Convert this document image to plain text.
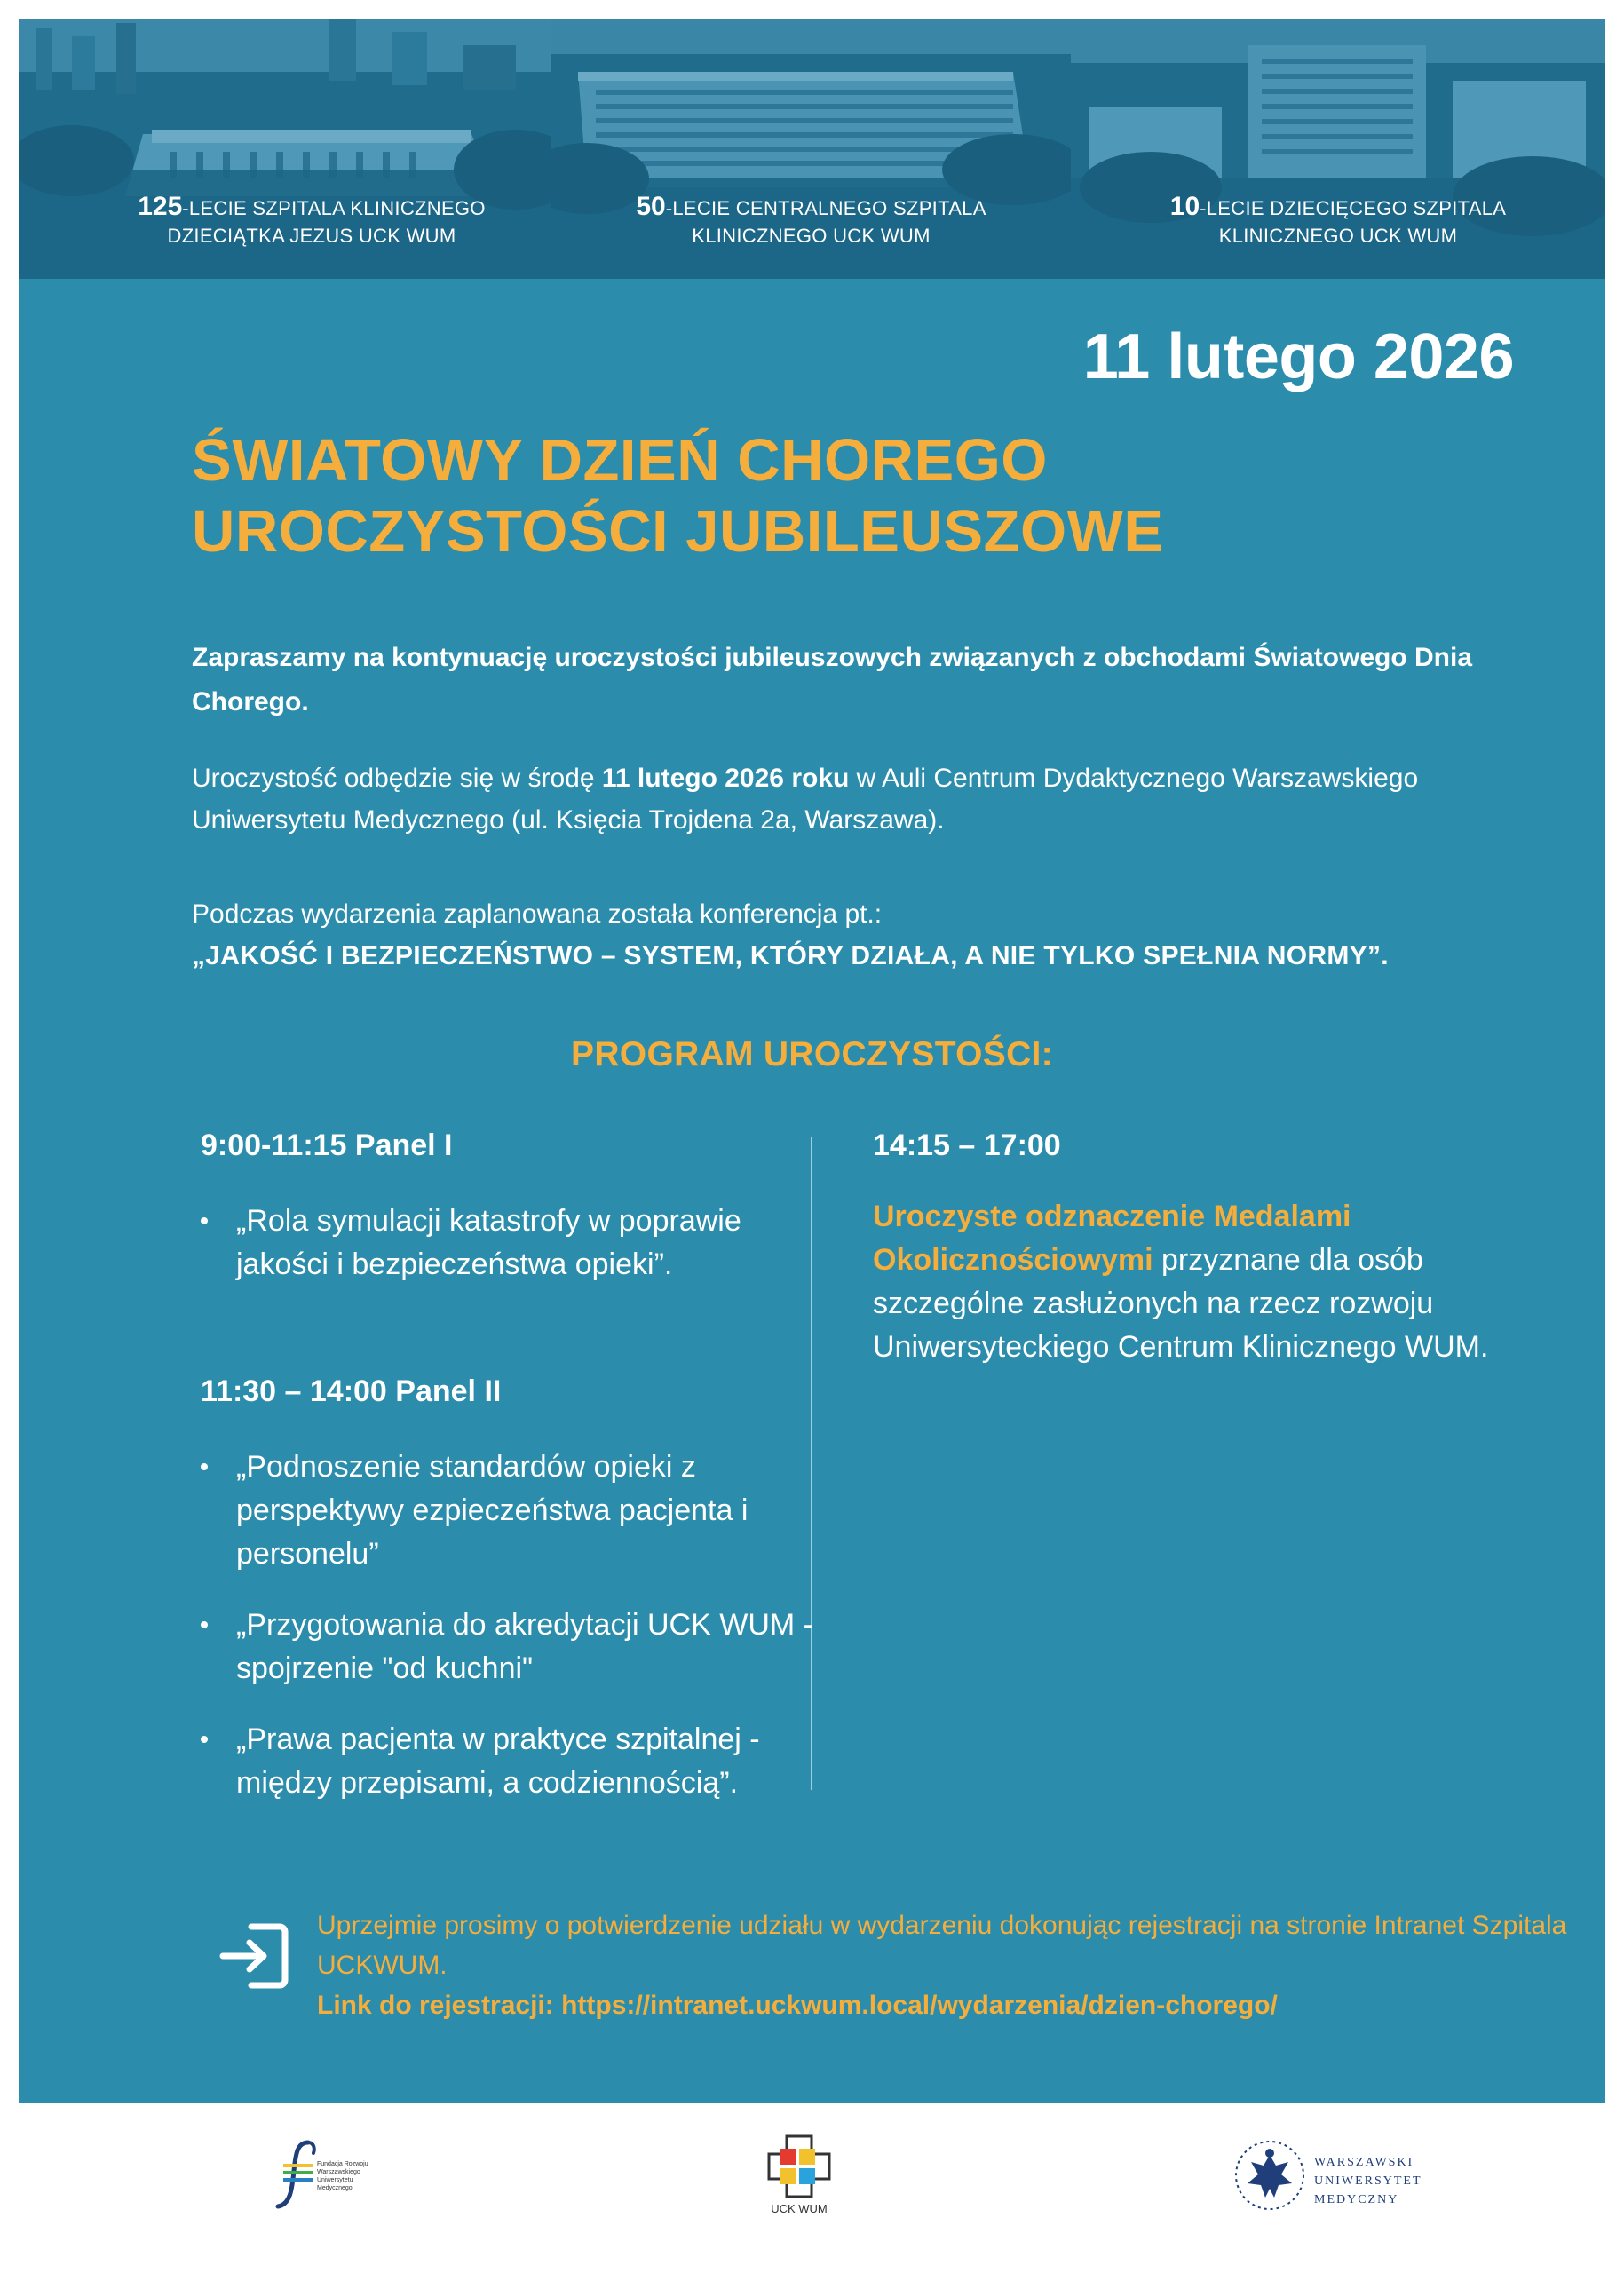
125-LECIE SZPITALA KLINICZNEGO
DZIECIĄTKA JEZUS UCK WUM
50-LECIE CENTRALNEGO SZPITALA
KLINICZNEGO UCK WUM
10-LECIE DZIECIĘCEGO SZPITALA
KLINICZNEGO UCK WUM
11 lutego 2026
ŚWIATOWY DZIEŃ CHOREGO
UROCZYSTOŚCI JUBILEUSZOWE

Zapraszamy na kontynuację uroczystości jubileuszowych związanych z obchodami Światowego Dnia Chorego.

Uroczystość odbędzie się w środę 11 lutego 2026 roku w Auli Centrum Dydaktycznego Warszawskiego Uniwersytetu Medycznego (ul. Księcia Trojdena 2a, Warszawa).

Podczas wydarzenia zaplanowana została konferencja pt.:
„JAKOŚĆ I BEZPIECZEŃSTWO – SYSTEM, KTÓRY DZIAŁA, A NIE TYLKO SPEŁNIA NORMY”.

PROGRAM UROCZYSTOŚCI:
9:00-11:15 Panel I
„Rola symulacji katastrofy w poprawie jakości i bezpieczeństwa opieki”.
11:30 – 14:00 Panel II
„Podnoszenie standardów opieki z perspektywy ezpieczeństwa pacjenta i personelu”
„Przygotowania do akredytacji UCK WUM - spojrzenie "od kuchni"
„Prawa pacjenta w praktyce szpitalnej - między przepisami, a codziennością”.
14:15 – 17:00

Uroczyste odznaczenie Medalami Okolicznościowymi przyznane dla osób szczególne zasłużonych na rzecz rozwoju Uniwersyteckiego Centrum Klinicznego WUM.

Uprzejmie prosimy o potwierdzenie udziału w wydarzeniu dokonując rejestracji na stronie Intranet Szpitala UCKWUM.
Link do rejestracji: https://intranet.uckwum.local/wydarzenia/dzien-chorego/

Fundacja Rozwoju Warszawskiego Uniwersytetu Medycznego
UCK WUM
WARSZAWSKI
UNIWERSYTET
MEDYCZNY
